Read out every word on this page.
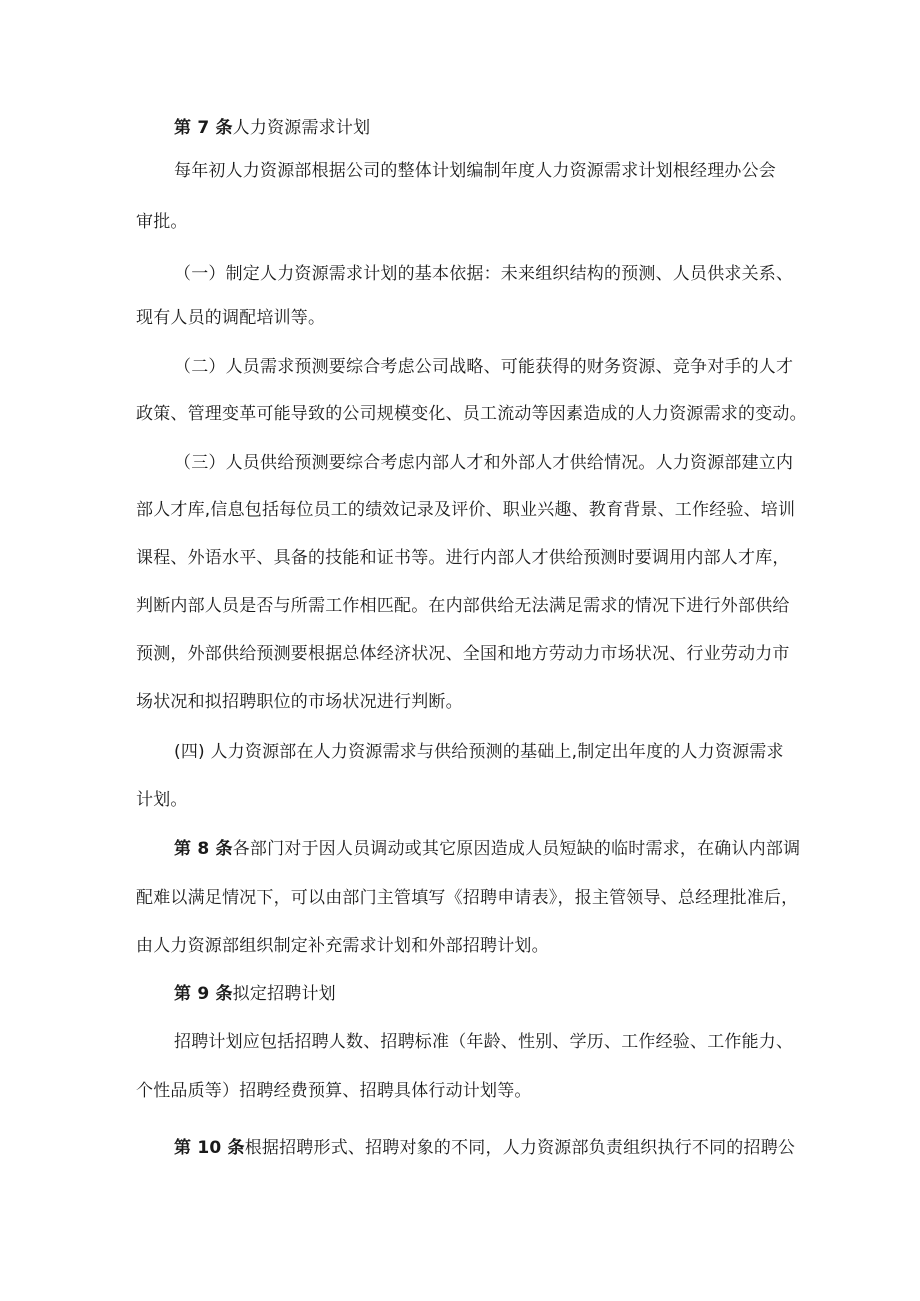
第 7 条人力资源需求计划
每年初人力资源部根据公司的整体计划编制年度人力资源需求计划根经理办公会
审批。
（一）制定人力资源需求计划的基本依据：未来组织结构的预测、人员供求关系、
现有人员的调配培训等。
（二）人员需求预测要综合考虑公司战略、可能获得的财务资源、竞争对手的人才
政策、管理变革可能导致的公司规模变化、员工流动等因素造成的人力资源需求的变动。
（三）人员供给预测要综合考虑内部人才和外部人才供给情况。人力资源部建立内
部人才库,信息包括每位员工的绩效记录及评价、职业兴趣、教育背景、工作经验、培训
课程、外语水平、具备的技能和证书等。进行内部人才供给预测时要调用内部人才库，
判断内部人员是否与所需工作相匹配。在内部供给无法满足需求的情况下进行外部供给
预测，外部供给预测要根据总体经济状况、全国和地方劳动力市场状况、行业劳动力市
场状况和拟招聘职位的市场状况进行判断。
(四) 人力资源部在人力资源需求与供给预测的基础上,制定出年度的人力资源需求
计划。
第 8 条各部门对于因人员调动或其它原因造成人员短缺的临时需求，在确认内部调
配难以满足情况下，可以由部门主管填写《招聘申请表》，报主管领导、总经理批准后，
由人力资源部组织制定补充需求计划和外部招聘计划。
第 9 条拟定招聘计划
招聘计划应包括招聘人数、招聘标准（年龄、性别、学历、工作经验、工作能力、
个性品质等）招聘经费预算、招聘具体行动计划等。
第 10 条根据招聘形式、招聘对象的不同，人力资源部负责组织执行不同的招聘公
